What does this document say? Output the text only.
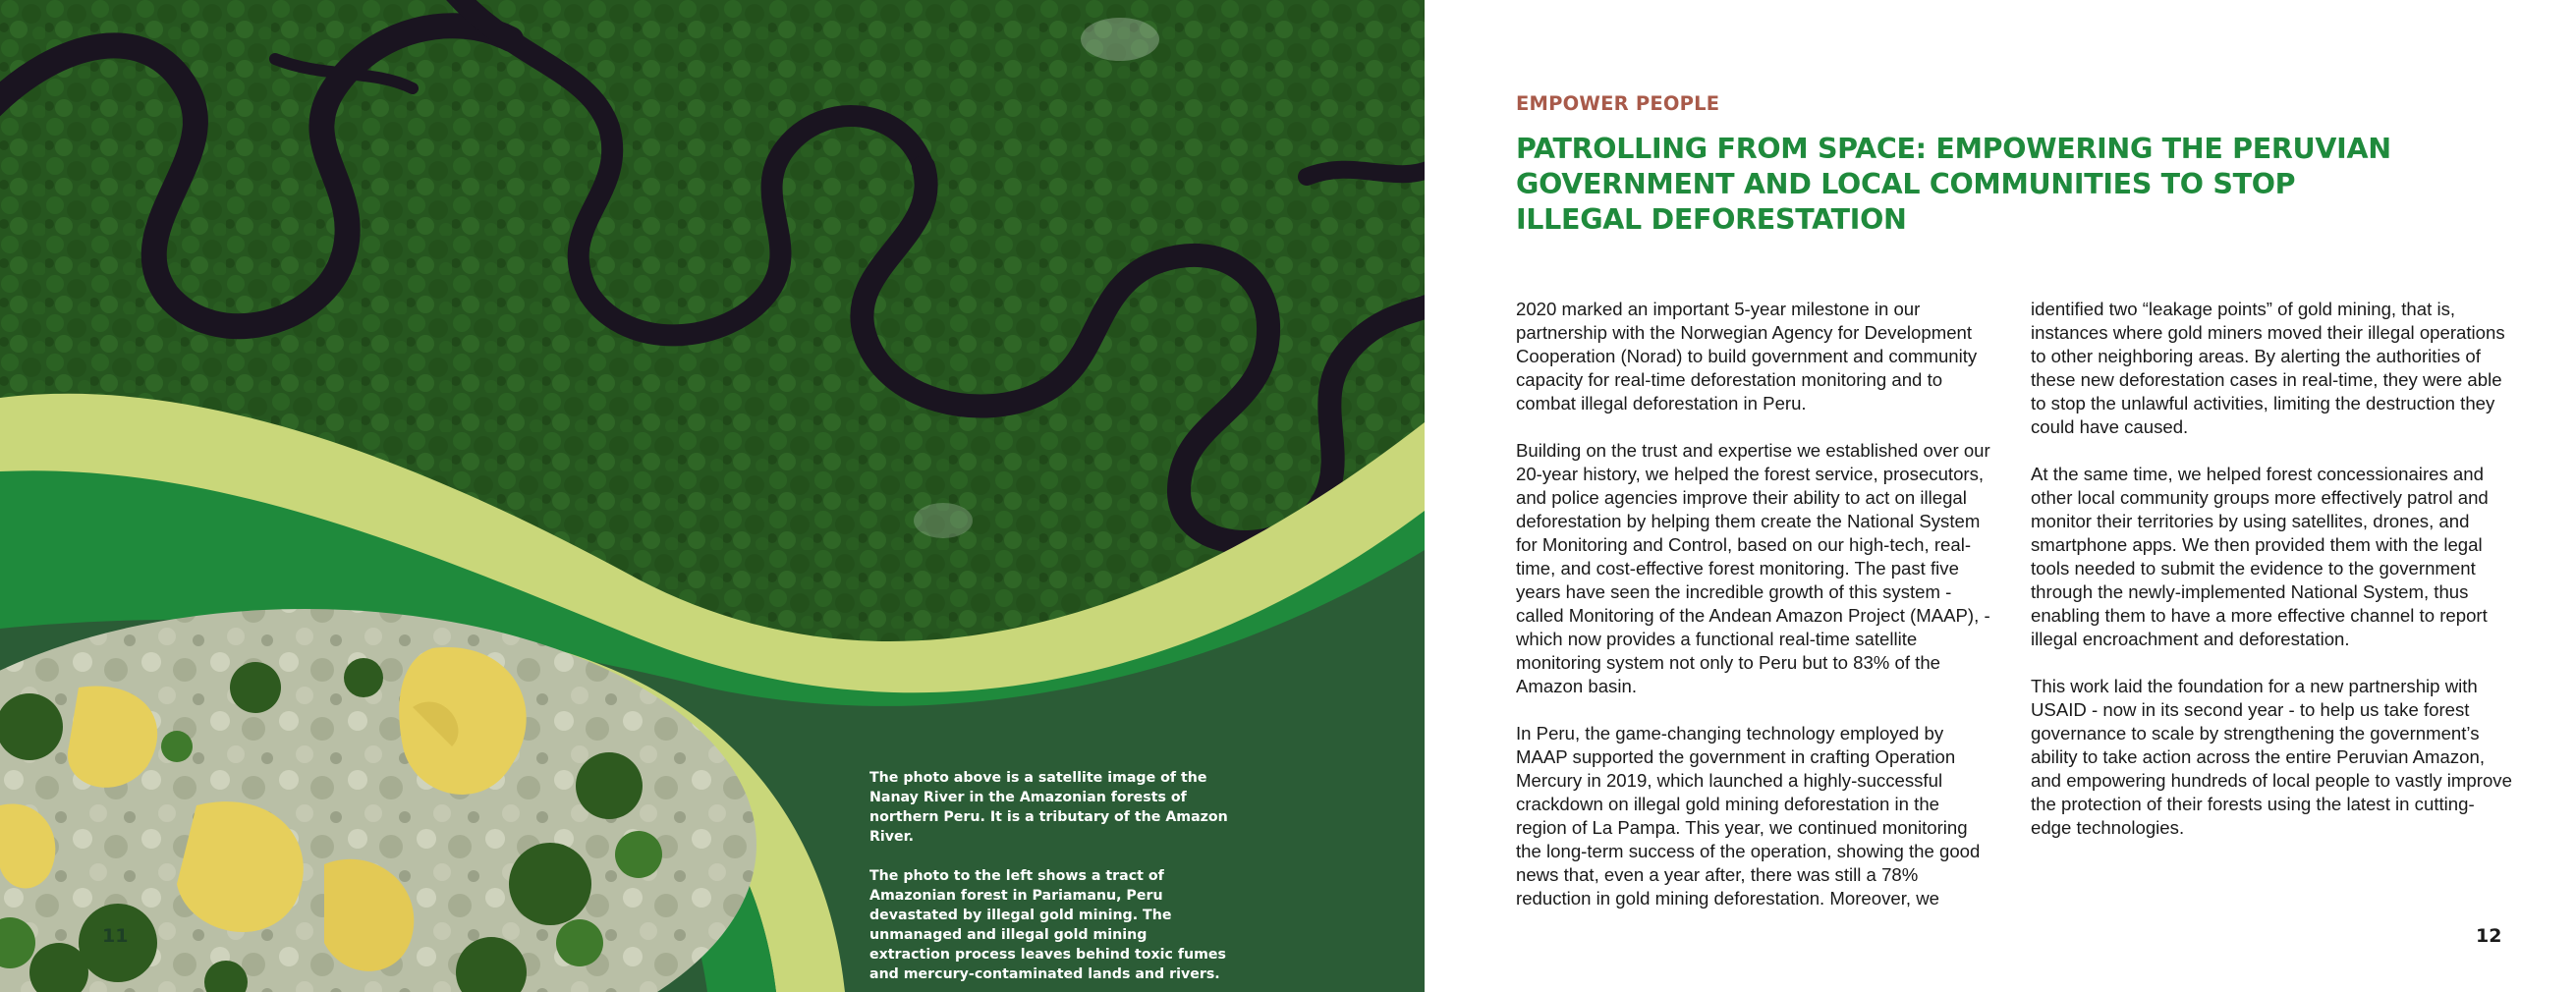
The photo above is a satellite image of the Nanay River in the Amazonian forests of northern Peru. It is a tributary of the Amazon River.

The photo to the left shows a tract of Amazonian forest in Pariamanu, Peru devastated by illegal gold mining. The unmanaged and illegal gold mining extraction process leaves behind toxic fumes and mercury-contaminated lands and rivers.

11
EMPOWER PEOPLE
PATROLLING FROM SPACE: EMPOWERING THE PERUVIAN GOVERNMENT AND LOCAL COMMUNITIES TO STOP ILLEGAL DEFORESTATION

2020 marked an important 5-year milestone in our partnership with the Norwegian Agency for Development Cooperation (Norad) to build government and community capacity for real-time deforestation monitoring and to combat illegal deforestation in Peru.

Building on the trust and expertise we established over our 20-year history, we helped the forest service, prosecutors, and police agencies improve their ability to act on illegal deforestation by helping them create the National System for Monitoring and Control, based on our high-tech, real-time, and cost-effective forest monitoring. The past five years have seen the incredible growth of this system - called Monitoring of the Andean Amazon Project (MAAP), - which now provides a functional real-time satellite monitoring system not only to Peru but to 83% of the Amazon basin.

In Peru, the game-changing technology employed by MAAP supported the government in crafting Operation Mercury in 2019, which launched a highly-successful crackdown on illegal gold mining deforestation in the region of La Pampa. This year, we continued monitoring the long-term success of the operation, showing the good news that, even a year after, there was still a 78% reduction in gold mining deforestation. Moreover, we

identified two “leakage points” of gold mining, that is, instances where gold miners moved their illegal operations to other neighboring areas. By alerting the authorities of these new deforestation cases in real-time, they were able to stop the unlawful activities, limiting the destruction they could have caused.

At the same time, we helped forest concessionaires and other local community groups more effectively patrol and monitor their territories by using satellites, drones, and smartphone apps. We then provided them with the legal tools needed to submit the evidence to the government through the newly-implemented National System, thus enabling them to have a more effective channel to report illegal encroachment and deforestation.

This work laid the foundation for a new partnership with USAID - now in its second year - to help us take forest governance to scale by strengthening the government’s ability to take action across the entire Peruvian Amazon, and empowering hundreds of local people to vastly improve the protection of their forests using the latest in cutting-edge technologies.

12
